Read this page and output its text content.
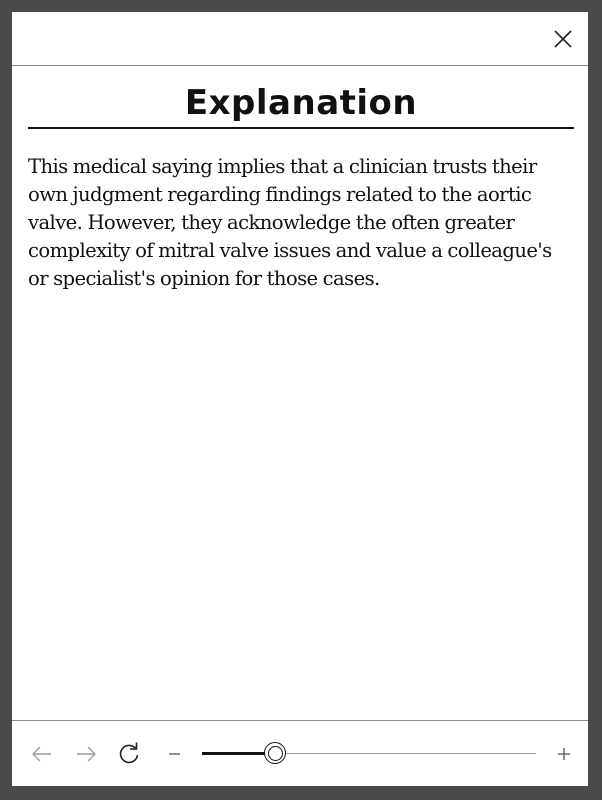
Explanation

This medical saying implies that a clinician trusts their own judgment regarding findings related to the aortic valve. However, they acknowledge the often greater complexity of mitral valve issues and value a colleague's or specialist's opinion for those cases.
